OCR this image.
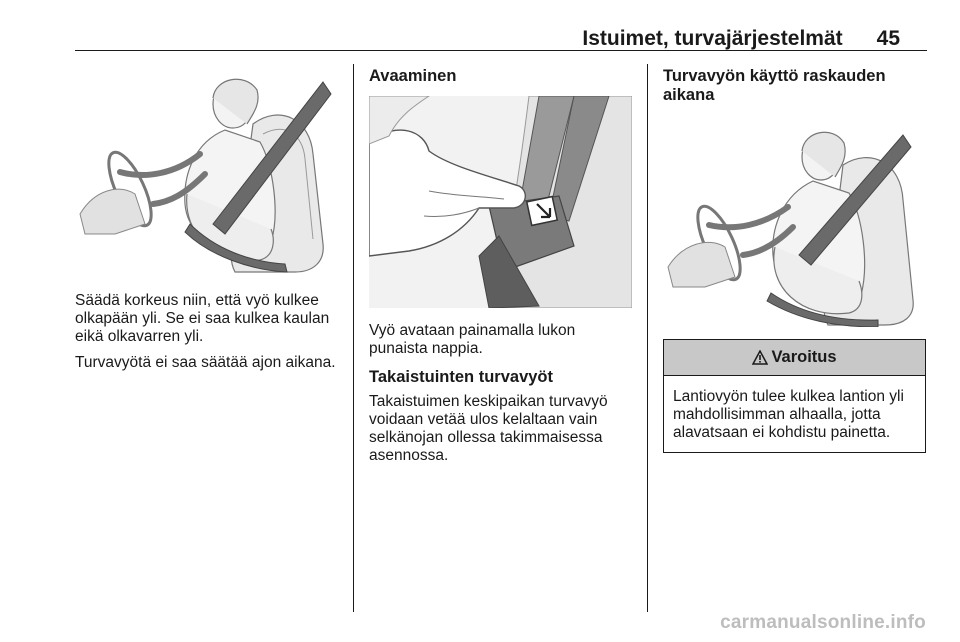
Istuimet, turvajärjestelmät 45

Säädä korkeus niin, että vyö kulkee olkapään yli. Se ei saa kulkea kaulan eikä olkavarren yli.

Turvavyötä ei saa säätää ajon aikana.

Avaaminen

Vyö avataan painamalla lukon punaista nappia.

Takaistuinten turvavyöt

Takaistuimen keskipaikan turvavyö voidaan vetää ulos kelaltaan vain selkänojan ollessa takimmaisessa asennossa.

Turvavyön käyttö raskauden aikana
Varoitus
Lantiovyön tulee kulkea lantion yli mahdollisimman alhaalla, jotta alavatsaan ei kohdistu painetta.
carmanualsonline.info
